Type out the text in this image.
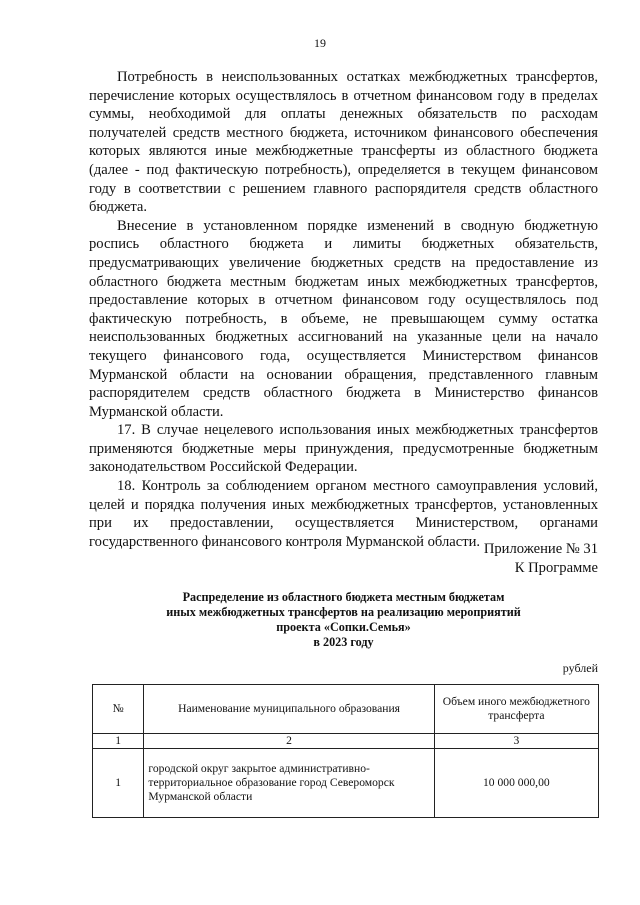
19

Потребность в неиспользованных остатках межбюджетных трансфертов, перечисление которых осуществлялось в отчетном финансовом году в пределах суммы, необходимой для оплаты денежных обязательств по расходам получателей средств местного бюджета, источником финансового обеспечения которых являются иные межбюджетные трансферты из областного бюджета (далее - под фактическую потребность), определяется в текущем финансовом году в соответствии с решением главного распорядителя средств областного бюджета.

Внесение в установленном порядке изменений в сводную бюджетную роспись областного бюджета и лимиты бюджетных обязательств, предусматривающих увеличение бюджетных средств на предоставление из областного бюджета местным бюджетам иных межбюджетных трансфертов, предоставление которых в отчетном финансовом году осуществлялось под фактическую потребность, в объеме, не превышающем сумму остатка неиспользованных бюджетных ассигнований на указанные цели на начало текущего финансового года, осуществляется Министерством финансов Мурманской области на основании обращения, представленного главным распорядителем средств областного бюджета в Министерство финансов Мурманской области.

17. В случае нецелевого использования иных межбюджетных трансфертов применяются бюджетные меры принуждения, предусмотренные бюджетным законодательством Российской Федерации.

18. Контроль за соблюдением органом местного самоуправления условий, целей и порядка получения иных межбюджетных трансфертов, установленных при их предоставлении, осуществляется Министерством, органами государственного финансового контроля Мурманской области. Приложение № 31
К Программе
Распределение из областного бюджета местным бюджетам
иных межбюджетных трансфертов на реализацию мероприятий
проекта «Сопки.Семья»
в 2023 году
рублей
№	Наименование муниципального образования	Объем иного межбюджетного трансферта
1	2	3
1	городской округ закрытое административно-территориальное образование город Североморск Мурманской области	10 000 000,00
